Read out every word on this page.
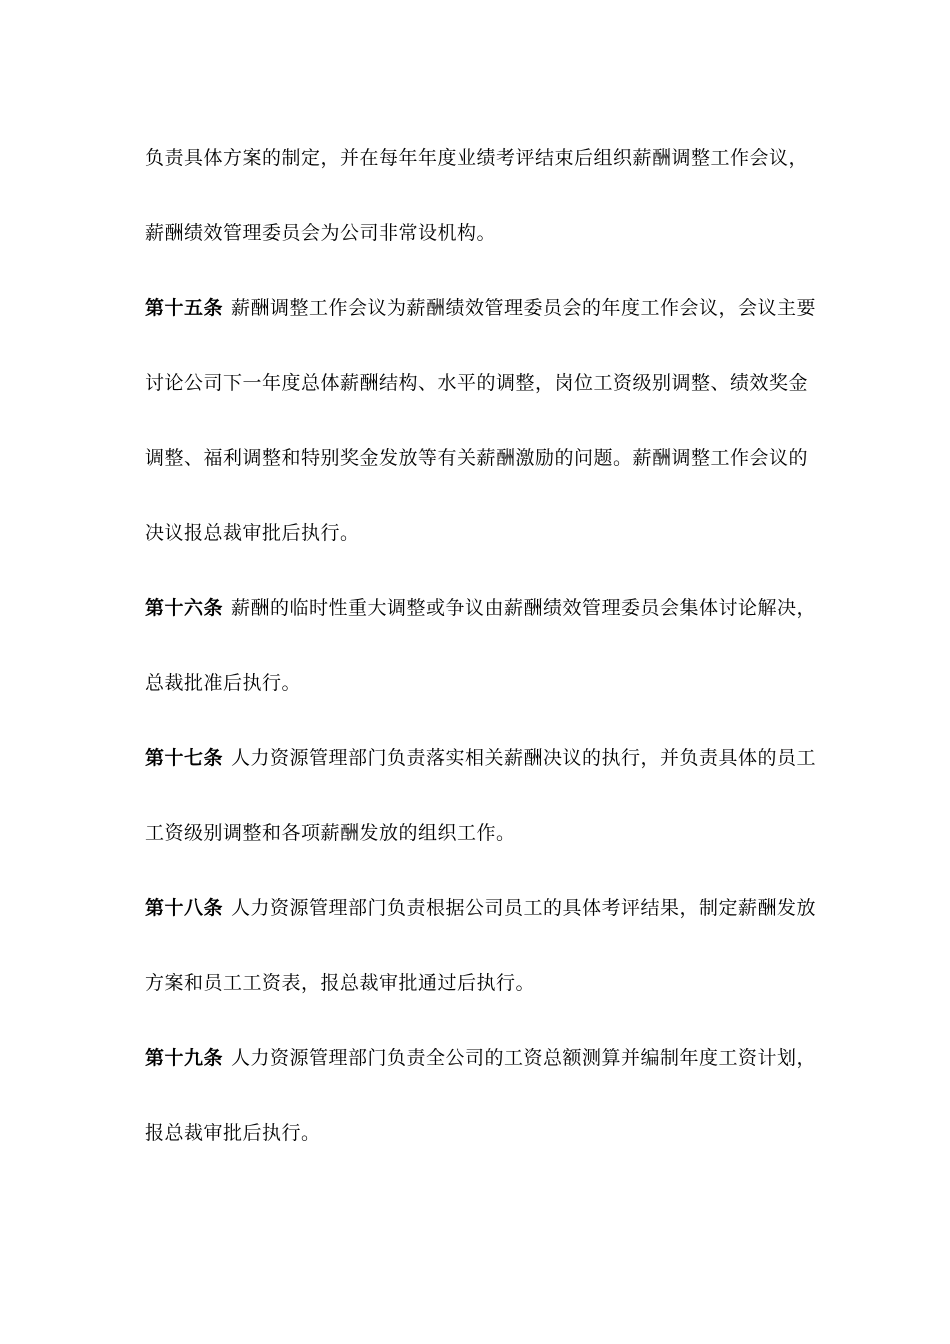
负责具体方案的制定，并在每年年度业绩考评结束后组织薪酬调整工作会议，
薪酬绩效管理委员会为公司非常设机构。
第十五条 薪酬调整工作会议为薪酬绩效管理委员会的年度工作会议，会议主要
讨论公司下一年度总体薪酬结构、水平的调整，岗位工资级别调整、绩效奖金
调整、福利调整和特别奖金发放等有关薪酬激励的问题。薪酬调整工作会议的
决议报总裁审批后执行。
第十六条 薪酬的临时性重大调整或争议由薪酬绩效管理委员会集体讨论解决，
总裁批准后执行。
第十七条 人力资源管理部门负责落实相关薪酬决议的执行，并负责具体的员工
工资级别调整和各项薪酬发放的组织工作。
第十八条 人力资源管理部门负责根据公司员工的具体考评结果，制定薪酬发放
方案和员工工资表，报总裁审批通过后执行。
第十九条 人力资源管理部门负责全公司的工资总额测算并编制年度工资计划，
报总裁审批后执行。
